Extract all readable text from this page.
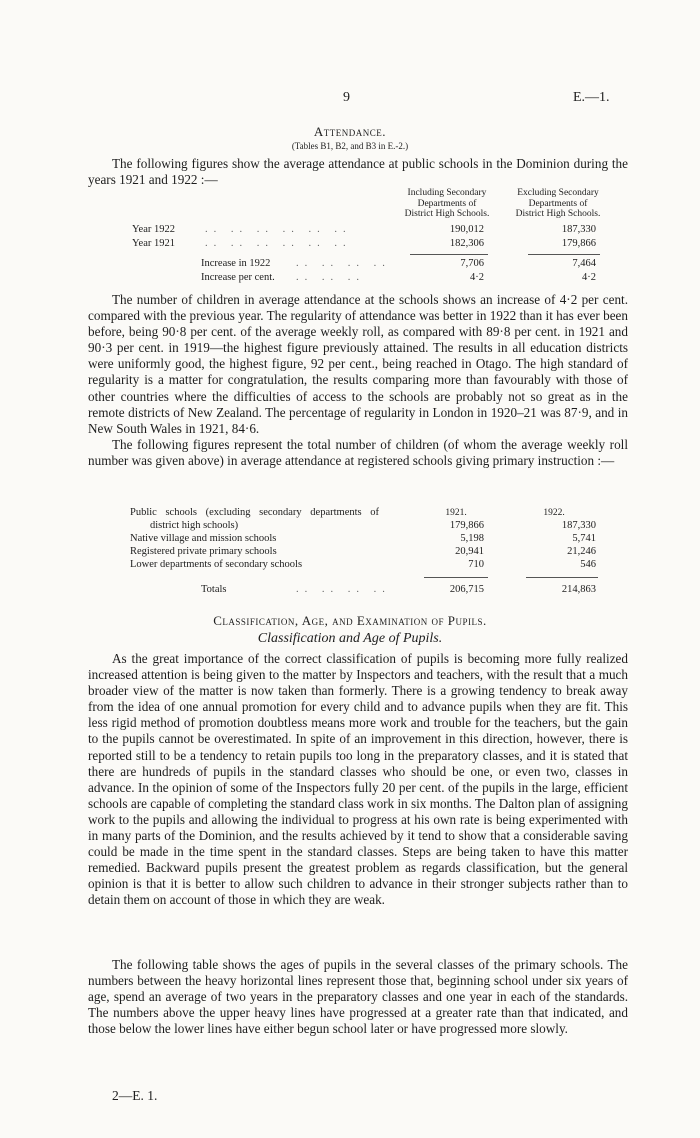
9	E.—1.
Attendance.
(Tables B1, B2, and B3 in E.-2.)

The following figures show the average attendance at public schools in the Dominion during the years 1921 and 1922 :—

Including Secondary
Departments of
District High Schools.
Excluding Secondary
Departments of
District High Schools.
Year 1922	.. .. .. .. .. ..	190,012	187,330
Year 1921	.. .. .. .. .. ..	182,306	179,866
Increase in 1922 .. .. .. ..	7,706	7,464
Increase per cent. .. .. ..	4·2	4·2

The number of children in average attendance at the schools shows an increase of 4·2 per cent. compared with the previous year. The regularity of attendance was better in 1922 than it has ever been before, being 90·8 per cent. of the average weekly roll, as compared with 89·8 per cent. in 1921 and 90·3 per cent. in 1919—the highest figure previously attained. The results in all education districts were uniformly good, the highest figure, 92 per cent., being reached in Otago. The high standard of regularity is a matter for congratulation, the results comparing more than favourably with those of other countries where the difficulties of access to the schools are probably not so great as in the remote districts of New Zealand. The percentage of regularity in London in 1920–21 was 87·9, and in New South Wales in 1921, 84·6.

The following figures represent the total number of children (of whom the average weekly roll number was given above) in average attendance at registered schools giving primary instruction :—

1921.	1922.
Public schools (excluding secondary departments of
district high schools)	179,866	187,330
Native village and mission schools	5,198	5,741
Registered private primary schools	20,941	21,246
Lower departments of secondary schools	710	546
Totals	.. .. .. ..	206,715	214,863
Classification, Age, and Examination of Pupils.
Classification and Age of Pupils.

As the great importance of the correct classification of pupils is becoming more fully realized increased attention is being given to the matter by Inspectors and teachers, with the result that a much broader view of the matter is now taken than formerly. There is a growing tendency to break away from the idea of one annual promotion for every child and to advance pupils when they are fit. This less rigid method of promotion doubtless means more work and trouble for the teachers, but the gain to the pupils cannot be overestimated. In spite of an improvement in this direction, however, there is reported still to be a tendency to retain pupils too long in the preparatory classes, and it is stated that there are hundreds of pupils in the standard classes who should be one, or even two, classes in advance. In the opinion of some of the Inspectors fully 20 per cent. of the pupils in the large, efficient schools are capable of completing the standard class work in six months. The Dalton plan of assigning work to the pupils and allowing the individual to progress at his own rate is being experimented with in many parts of the Dominion, and the results achieved by it tend to show that a considerable saving could be made in the time spent in the standard classes. Steps are being taken to have this matter remedied. Backward pupils present the greatest problem as regards classification, but the general opinion is that it is better to allow such children to advance in their stronger subjects rather than to detain them on account of those in which they are weak.

The following table shows the ages of pupils in the several classes of the primary schools. The numbers between the heavy horizontal lines represent those that, beginning school under six years of age, spend an average of two years in the preparatory classes and one year in each of the standards. The numbers above the upper heavy lines have progressed at a greater rate than that indicated, and those below the lower lines have either begun school later or have progressed more slowly.

2—E. 1.
